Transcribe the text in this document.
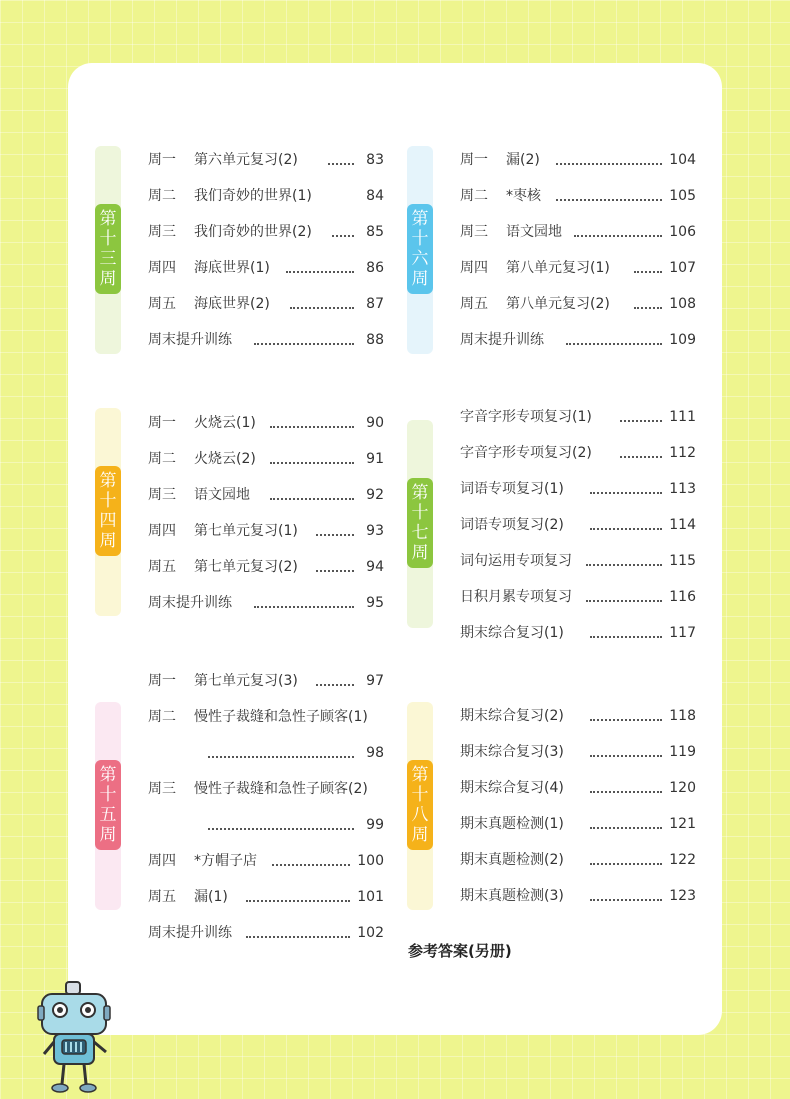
第
十
三
周
第
十
四
周
第
十
五
周
第
十
六
周
第
十
七
周
第
十
八
周
周一 第六单元复习(2)	83
周二 我们奇妙的世界(1)	84
周三 我们奇妙的世界(2)	85
周四 海底世界(1)	86
周五 海底世界(2)	87
周末提升训练	88
周一 火烧云(1)	90
周二 火烧云(2)	91
周三 语文园地	92
周四 第七单元复习(1)	93
周五 第七单元复习(2)	94
周末提升训练	95
周一 第七单元复习(3)	97
周二 慢性子裁缝和急性子顾客(1)
98
周三 慢性子裁缝和急性子顾客(2)
99
周四 *方帽子店	100
周五 漏(1)	101
周末提升训练	102
周一 漏(2)	104
周二 *枣核	105
周三 语文园地	106
周四 第八单元复习(1)	107
周五 第八单元复习(2)	108
周末提升训练	109
字音字形专项复习(1)	111
字音字形专项复习(2)	112
词语专项复习(1)	113
词语专项复习(2)	114
词句运用专项复习	115
日积月累专项复习	116
期末综合复习(1)	117
期末综合复习(2)	118
期末综合复习(3)	119
期末综合复习(4)	120
期末真题检测(1)	121
期末真题检测(2)	122
期末真题检测(3)	123
参考答案(另册)
